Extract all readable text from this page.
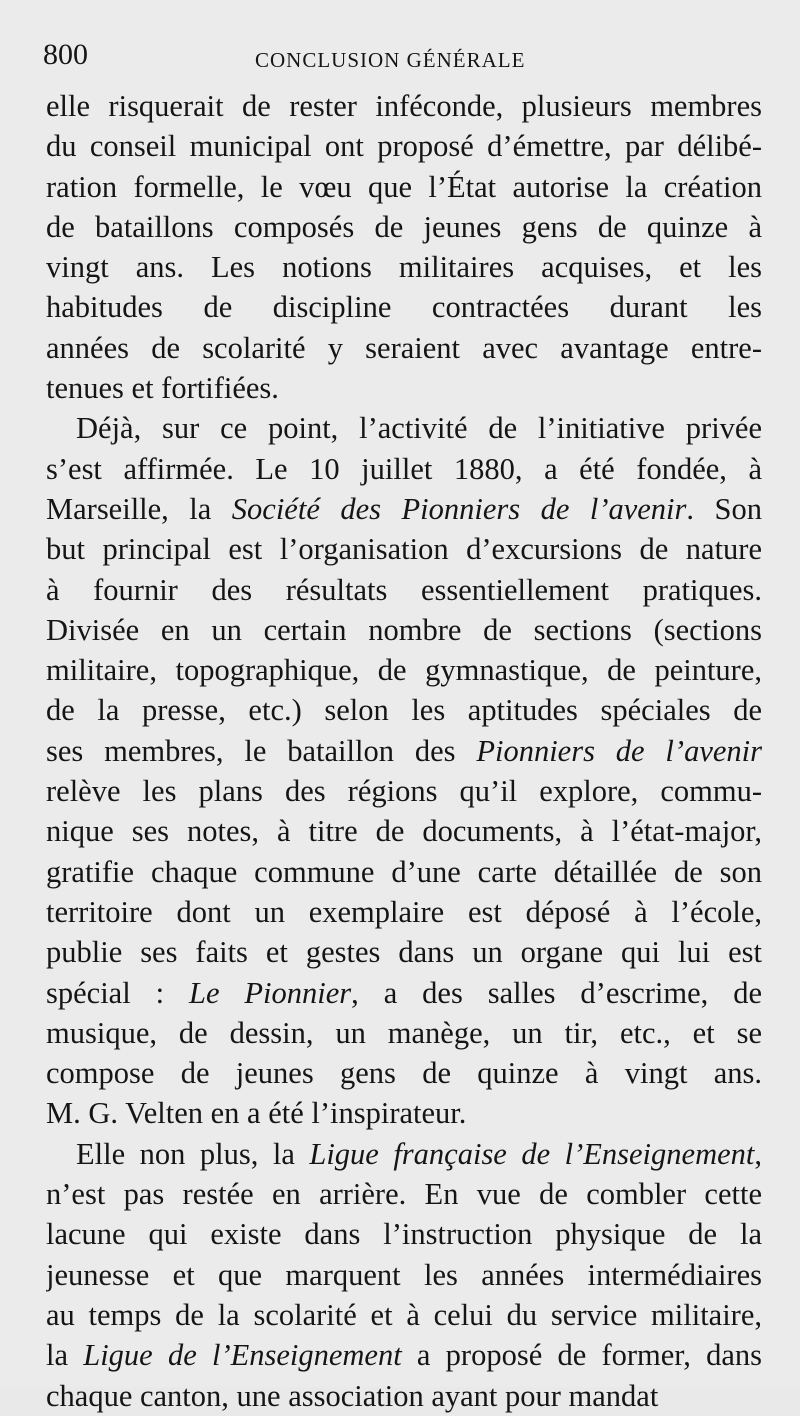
800	CONCLUSION GÉNÉRALE
elle risquerait de rester inféconde, plusieurs membres
du conseil municipal ont proposé d’émettre, par délibé-
ration formelle, le vœu que l’État autorise la création
de bataillons composés de jeunes gens de quinze à
vingt ans. Les notions militaires acquises, et les
habitudes de discipline contractées durant les
années de scolarité y seraient avec avantage entre-
tenues et fortifiées.
Déjà, sur ce point, l’activité de l’initiative privée
s’est affirmée. Le 10 juillet 1880, a été fondée, à
Marseille, la Société des Pionniers de l’avenir. Son
but principal est l’organisation d’excursions de nature
à fournir des résultats essentiellement pratiques.
Divisée en un certain nombre de sections (sections
militaire, topographique, de gymnastique, de peinture,
de la presse, etc.) selon les aptitudes spéciales de
ses membres, le bataillon des Pionniers de l’avenir
relève les plans des régions qu’il explore, commu-
nique ses notes, à titre de documents, à l’état-major,
gratifie chaque commune d’une carte détaillée de son
territoire dont un exemplaire est déposé à l’école,
publie ses faits et gestes dans un organe qui lui est
spécial : Le Pionnier, a des salles d’escrime, de
musique, de dessin, un manège, un tir, etc., et se
compose de jeunes gens de quinze à vingt ans.
M. G. Velten en a été l’inspirateur.
Elle non plus, la Ligue française de l’Enseignement,
n’est pas restée en arrière. En vue de combler cette
lacune qui existe dans l’instruction physique de la
jeunesse et que marquent les années intermédiaires
au temps de la scolarité et à celui du service militaire,
la Ligue de l’Enseignement a proposé de former, dans
chaque canton, une association ayant pour mandat
